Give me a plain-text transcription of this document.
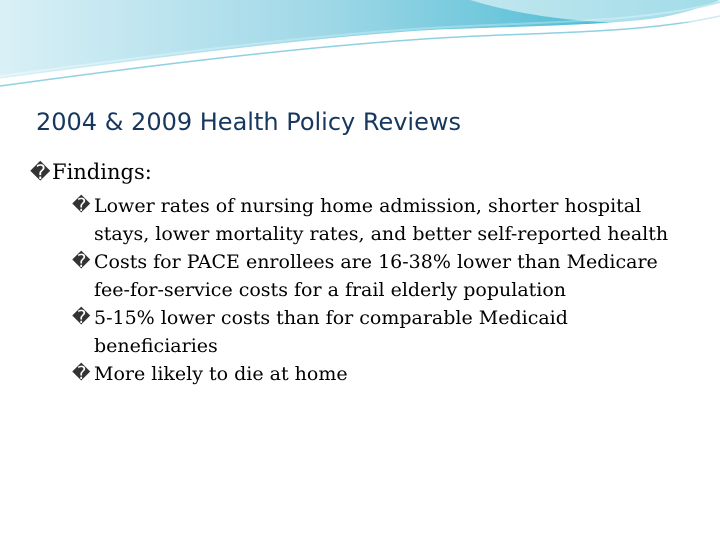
2004 & 2009 Health Policy Reviews
� Findings:
� Lower rates of nursing home admission, shorter hospital stays, lower mortality rates, and better self-reported health
� Costs for PACE enrollees are 16-38% lower than Medicare fee-for-service costs for a frail elderly population
� 5-15% lower costs than for comparable Medicaid beneficiaries
� More likely to die at home
